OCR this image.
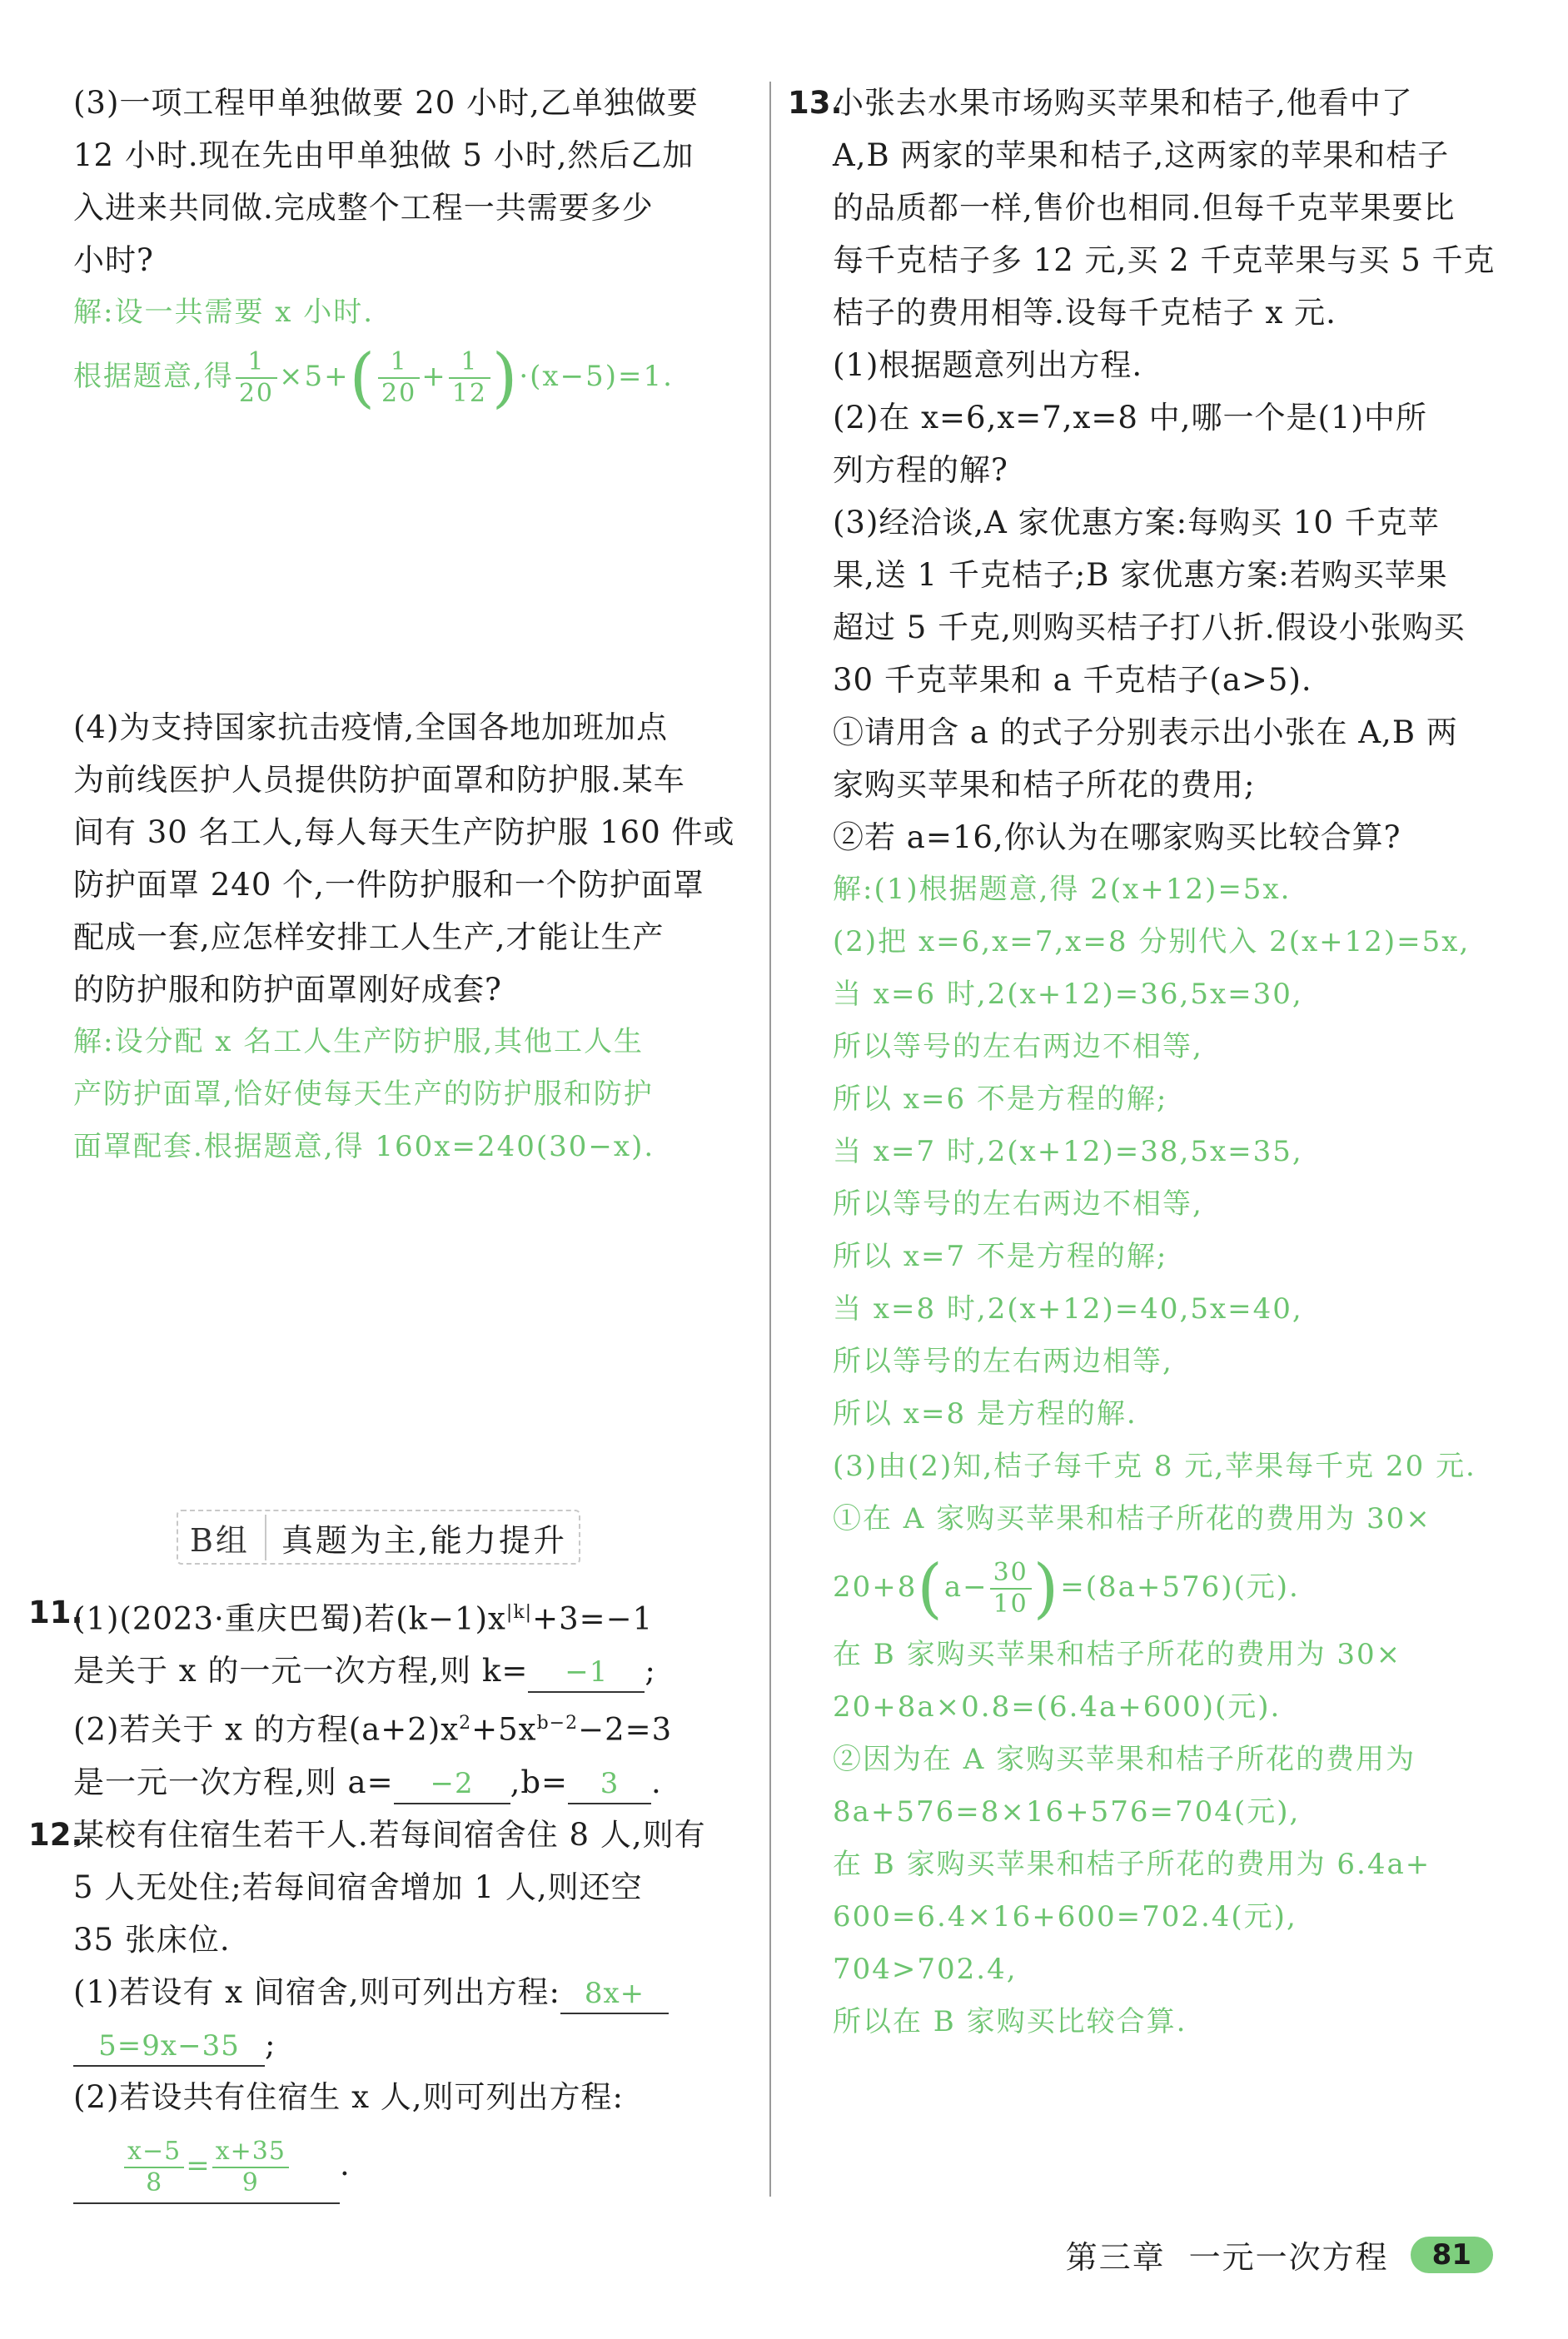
(3)一项工程甲单独做要 20 小时,乙单独做要
12 小时.现在先由甲单独做 5 小时,然后乙加
入进来共同做.完成整个工程一共需要多少
小时?
解:设一共需要 x 小时.
根据题意,得 $\frac{1}{20} \times 5+( \frac{1}{20} + \frac{1}{12} )\cdot(x-5)=1$.
(4)为支持国家抗击疫情,全国各地加班加点
为前线医护人员提供防护面罩和防护服.某车
间有 30 名工人,每人每天生产防护服 160 件或
防护面罩 240 个,一件防护服和一个防护面罩
配成一套,应怎样安排工人生产,才能让生产
的防护服和防护面罩刚好成套?
解:设分配 x 名工人生产防护服,其他工人生
产防护面罩,恰好使每天生产的防护服和防护
面罩配套.根据题意,得 160x=240(30−x).
B组	真题为主,能力提升
11.
(1)(2023·重庆巴蜀)若$(k-1)x^{|k|}+3=-1$
是关于 x 的一元一次方程,则 k= −1 ;
(2)若关于 x 的方程$(a+2)x^2+5x^{b-2}-2=3$
是一元一次方程,则 a= −2 ,b= 3 .
12.
某校有住宿生若干人.若每间宿舍住 8 人,则有
5 人无处住;若每间宿舍增加 1 人,则还空
35 张床位.
(1)若设有 x 间宿舍,则可列出方程: 8x+
5=9x−35 ;
(2)若设共有住宿生 x 人,则可列出方程:
$\frac{x-5}{8} = \frac{x+35}{9}$ .
13.
小张去水果市场购买苹果和桔子,他看中了
A,B 两家的苹果和桔子,这两家的苹果和桔子
的品质都一样,售价也相同.但每千克苹果要比
每千克桔子多 12 元,买 2 千克苹果与买 5 千克
桔子的费用相等.设每千克桔子 x 元.
(1)根据题意列出方程.
(2)在 x=6,x=7,x=8 中,哪一个是(1)中所
列方程的解?
(3)经洽谈,A 家优惠方案:每购买 10 千克苹
果,送 1 千克桔子;B 家优惠方案:若购买苹果
超过 5 千克,则购买桔子打八折.假设小张购买
30 千克苹果和 a 千克桔子(a>5).
①请用含 a 的式子分别表示出小张在 A,B 两
家购买苹果和桔子所花的费用;
②若 a=16,你认为在哪家购买比较合算?
解:(1)根据题意,得 2(x+12)=5x.
(2)把 x=6,x=7,x=8 分别代入 2(x+12)=5x,
当 x=6 时,2(x+12)=36,5x=30,
所以等号的左右两边不相等,
所以 x=6 不是方程的解;
当 x=7 时,2(x+12)=38,5x=35,
所以等号的左右两边不相等,
所以 x=7 不是方程的解;
当 x=8 时,2(x+12)=40,5x=40,
所以等号的左右两边相等,
所以 x=8 是方程的解.
(3)由(2)知,桔子每千克 8 元,苹果每千克 20 元.
①在 A 家购买苹果和桔子所花的费用为 30×
$20+8(a- \frac{30}{10} )=(8a+576)$(元).
在 B 家购买苹果和桔子所花的费用为 30×
20+8a×0.8=(6.4a+600)(元).
②因为在 A 家购买苹果和桔子所花的费用为
8a+576=8×16+576=704(元),
在 B 家购买苹果和桔子所花的费用为 6.4a+
600=6.4×16+600=702.4(元),
704>702.4,
所以在 B 家购买比较合算.
第三章 一元一次方程	81
